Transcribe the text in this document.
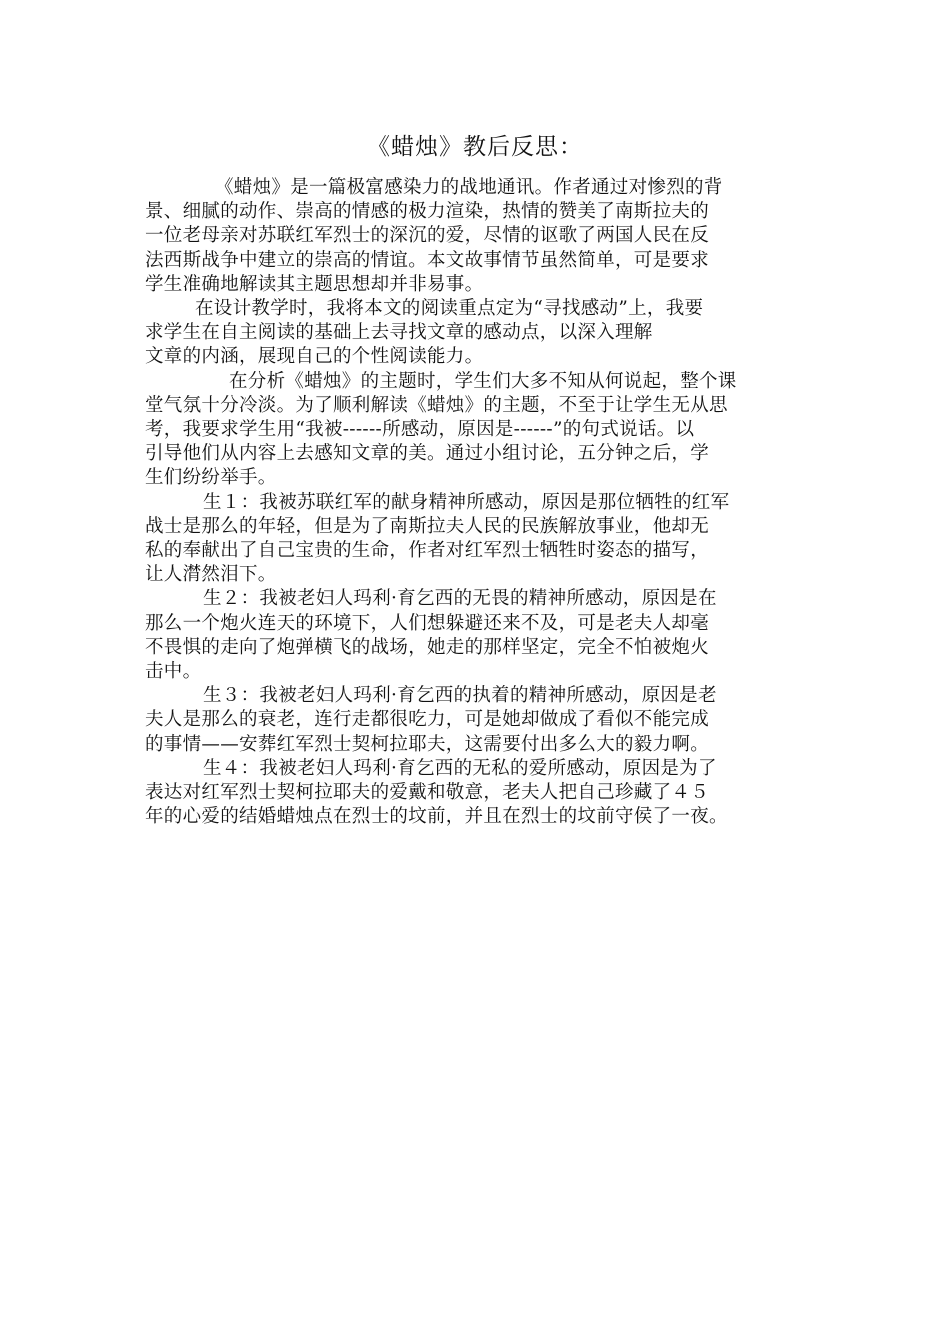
《蜡烛》教后反思：

《蜡烛》是一篇极富感染力的战地通讯。作者通过对惨烈的背
景、细腻的动作、崇高的情感的极力渲染，热情的赞美了南斯拉夫的
一位老母亲对苏联红军烈士的深沉的爱，尽情的讴歌了两国人民在反
法西斯战争中建立的崇高的情谊。本文故事情节虽然简单，可是要求
学生准确地解读其主题思想却并非易事。

在设计教学时，我将本文的阅读重点定为“寻找感动”上，我要
求学生在自主阅读的基础上去寻找文章的感动点，以深入理解
文章的内涵，展现自己的个性阅读能力。

在分析《蜡烛》的主题时，学生们大多不知从何说起，整个课
堂气氛十分冷淡。为了顺利解读《蜡烛》的主题，不至于让学生无从思
考，我要求学生用“我被------所感动，原因是------”的句式说话。以
引导他们从内容上去感知文章的美。通过小组讨论，五分钟之后，学
生们纷纷举手。

生１：我被苏联红军的献身精神所感动，原因是那位牺牲的红军
战士是那么的年轻，但是为了南斯拉夫人民的民族解放事业，他却无
私的奉献出了自己宝贵的生命，作者对红军烈士牺牲时姿态的描写，
让人潸然泪下。

生２：我被老妇人玛利·育乞西的无畏的精神所感动，原因是在
那么一个炮火连天的环境下，人们想躲避还来不及，可是老夫人却毫
不畏惧的走向了炮弹横飞的战场，她走的那样坚定，完全不怕被炮火
击中。

生３：我被老妇人玛利·育乞西的执着的精神所感动，原因是老
夫人是那么的衰老，连行走都很吃力，可是她却做成了看似不能完成
的事情——安葬红军烈士契柯拉耶夫，这需要付出多么大的毅力啊。

生４：我被老妇人玛利·育乞西的无私的爱所感动，原因是为了
表达对红军烈士契柯拉耶夫的爱戴和敬意，老夫人把自己珍藏了４５
年的心爱的结婚蜡烛点在烈士的坟前，并且在烈士的坟前守侯了一夜。
